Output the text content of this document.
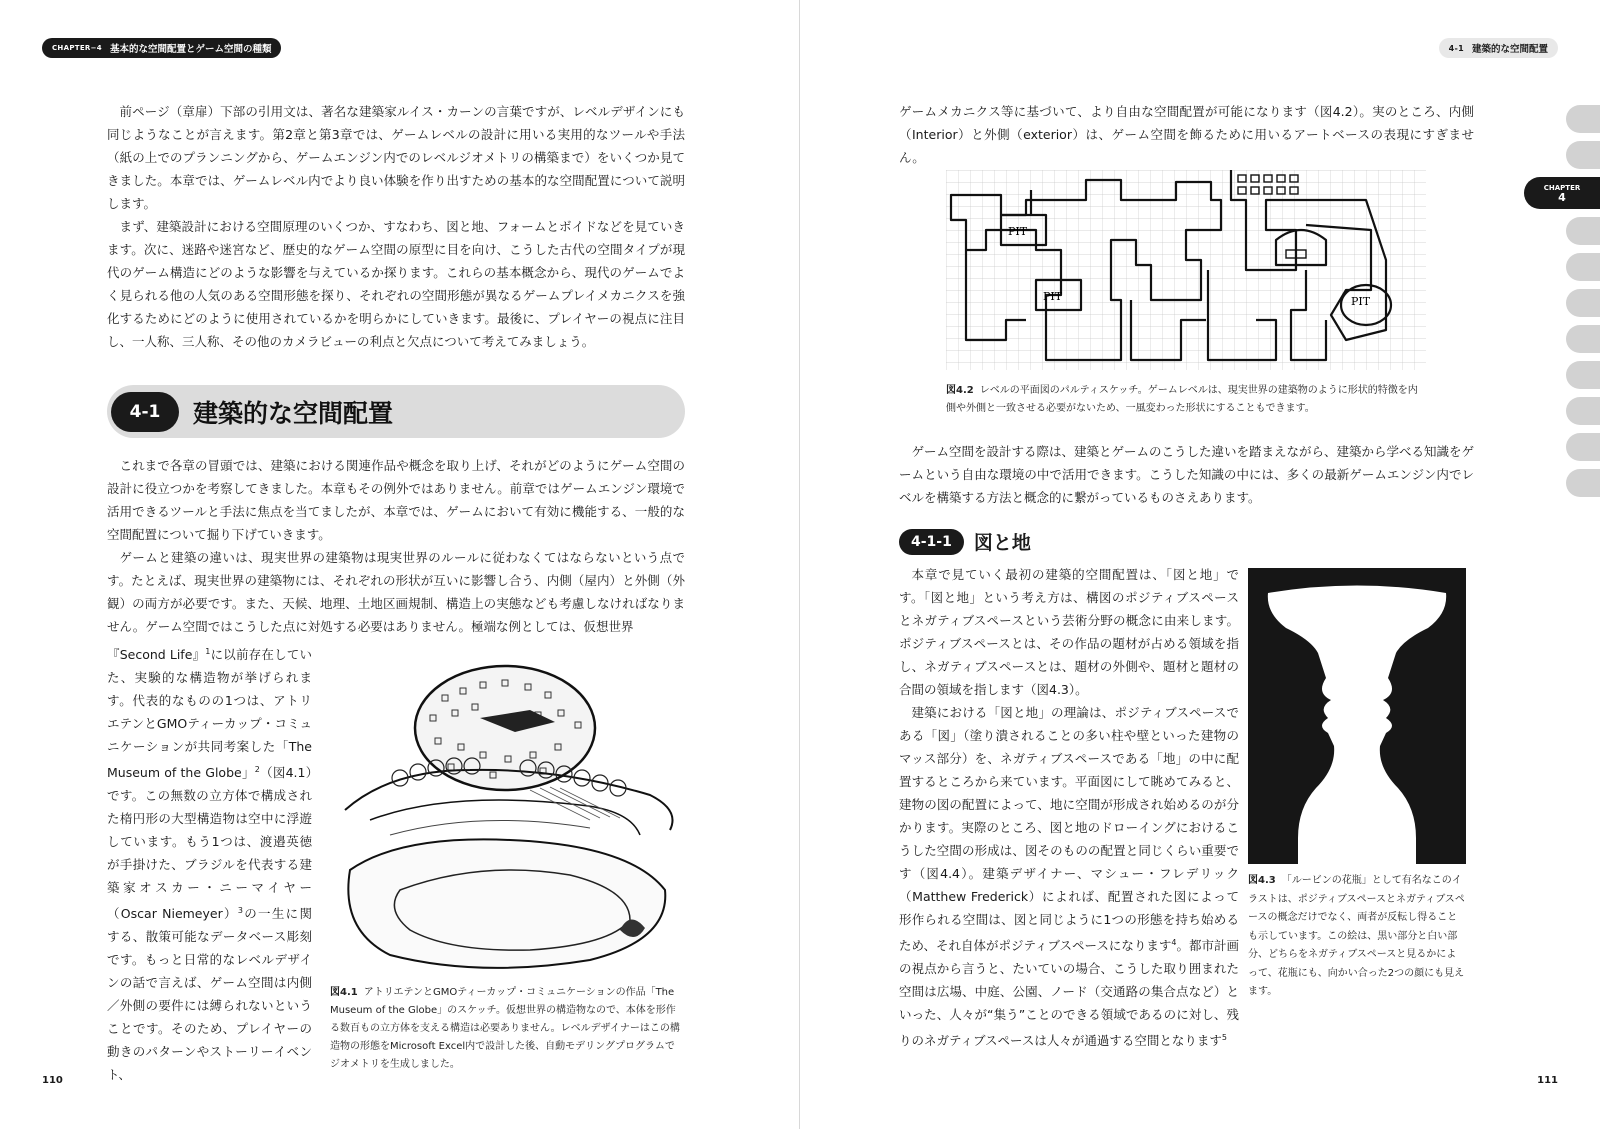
CHAPTER−4 基本的な空間配置とゲーム空間の種類

前ページ（章扉）下部の引用文は、著名な建築家ルイス・カーンの言葉ですが、レベルデザインにも同じようなことが言えます。第2章と第3章では、ゲームレベルの設計に用いる実用的なツールや手法（紙の上でのプランニングから、ゲームエンジン内でのレベルジオメトリの構築まで）をいくつか見てきました。本章では、ゲームレベル内でより良い体験を作り出すための基本的な空間配置について説明します。

まず、建築設計における空間原理のいくつか、すなわち、図と地、フォームとボイドなどを見ていきます。次に、迷路や迷宮など、歴史的なゲーム空間の原型に目を向け、こうした古代の空間タイプが現代のゲーム構造にどのような影響を与えているか探ります。これらの基本概念から、現代のゲームでよく見られる他の人気のある空間形態を探り、それぞれの空間形態が異なるゲームプレイメカニクスを強化するためにどのように使用されているかを明らかにしていきます。最後に、プレイヤーの視点に注目し、一人称、三人称、その他のカメラビューの利点と欠点について考えてみましょう。

4-1	建築的な空間配置

これまで各章の冒頭では、建築における関連作品や概念を取り上げ、それがどのようにゲーム空間の設計に役立つかを考察してきました。本章もその例外ではありません。前章ではゲームエンジン環境で活用できるツールと手法に焦点を当てましたが、本章では、ゲームにおいて有効に機能する、一般的な空間配置について掘り下げていきます。

ゲームと建築の違いは、現実世界の建築物は現実世界のルールに従わなくてはならないという点です。たとえば、現実世界の建築物には、それぞれの形状が互いに影響し合う、内側（屋内）と外側（外観）の両方が必要です。また、天候、地理、土地区画規制、構造上の実態なども考慮しなければなりません。ゲーム空間ではこうした点に対処する必要はありません。極端な例としては、仮想世界

『Second Life』$^1$に以前存在していた、実験的な構造物が挙げられます。代表的なものの1つは、アトリエテンとGMOティーカップ・コミュニケーションが共同考案した「The Museum of the Globe」$^2$（図4.1）です。この無数の立方体で構成された楕円形の大型構造物は空中に浮遊しています。もう1つは、渡邉英徳が手掛けた、ブラジルを代表する建築家オスカー・ニーマイヤー（Oscar Niemeyer）$^3$の一生に関する、散策可能なデータベース彫刻です。もっと日常的なレベルデザインの話で言えば、ゲーム空間は内側／外側の要件には縛られないということです。そのため、プレイヤーの動きのパターンやストーリーイベント、
図4.1 アトリエテンとGMOティーカップ・コミュニケーションの作品「The Museum of the Globe」のスケッチ。仮想世界の構造物なので、本体を形作る数百もの立方体を支える構造は必要ありません。レベルデザイナーはこの構造物の形態をMicrosoft Excel内で設計した後、自動モデリングプログラムでジオメトリを生成しました。
110
4-1 建築的な空間配置
CHAPTER
4
ゲームメカニクス等に基づいて、より自由な空間配置が可能になります（図4.2）。実のところ、内側（Interior）と外側（exterior）は、ゲーム空間を飾るために用いるアートベースの表現にすぎません。
PIT
PIT	PIT
図4.2 レベルの平面図のパルティスケッチ。ゲームレベルは、現実世界の建築物のように形状的特徴を内側や外側と一致させる必要がないため、一風変わった形状にすることもできます。

ゲーム空間を設計する際は、建築とゲームのこうした違いを踏まえながら、建築から学べる知識をゲームという自由な環境の中で活用できます。こうした知識の中には、多くの最新ゲームエンジン内でレベルを構築する方法と概念的に繋がっているものさえあります。

4-1-1	図と地

本章で見ていく最初の建築的空間配置は、「図と地」です。「図と地」という考え方は、構図のポジティブスペースとネガティブスペースという芸術分野の概念に由来します。ポジティブスペースとは、その作品の題材が占める領域を指し、ネガティブスペースとは、題材の外側や、題材と題材の合間の領域を指します（図4.3）。

建築における「図と地」の理論は、ポジティブスペースである「図」（塗り潰されることの多い柱や壁といった建物のマッス部分）を、ネガティブスペースである「地」の中に配置するところから来ています。平面図にして眺めてみると、建物の図の配置によって、地に空間が形成され始めるのが分かります。実際のところ、図と地のドローイングにおけるこうした空間の形成は、図そのものの配置と同じくらい重要です（図4.4）。建築デザイナー、マシュー・フレデリック（Matthew Frederick）によれば、配置された図によって形作られる空間は、図と同じように1つの形態を持ち始めるため、それ自体がポジティブスペースになります$^4$。都市計画の視点から言うと、たいていの場合、こうした取り囲まれた空間は広場、中庭、公園、ノード（交通路の集合点など）といった、人々が“集う”ことのできる領域であるのに対し、残りのネガティブスペースは人々が通過する空間となります$^5$

図4.3 「ルービンの花瓶」として有名なこのイラストは、ポジティブスペースとネガティブスペースの概念だけでなく、両者が反転し得ることも示しています。この絵は、黒い部分と白い部分、どちらをネガティブスペースと見るかによって、花瓶にも、向かい合った2つの顔にも見えます。
111
